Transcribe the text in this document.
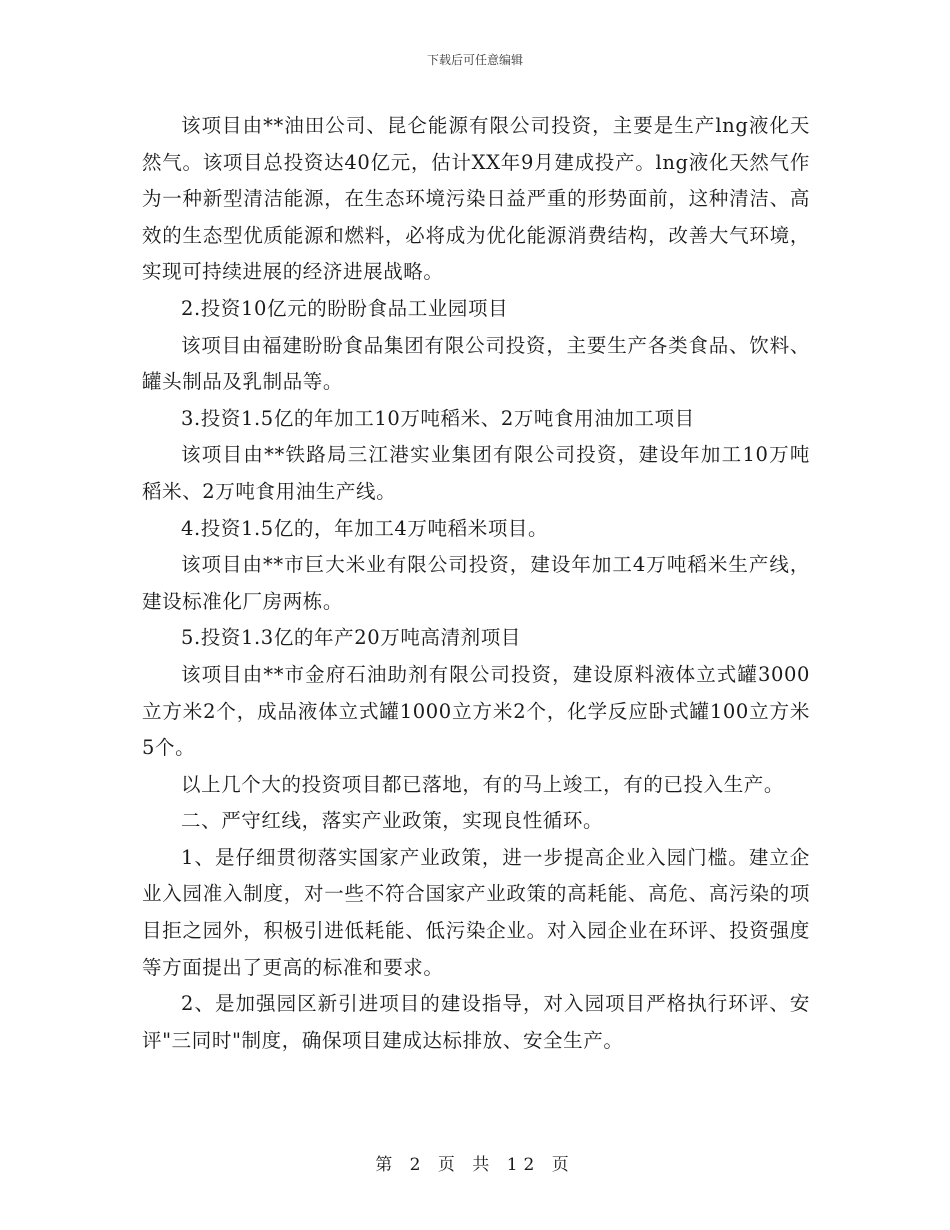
下载后可任意编辑

该项目由**油田公司、昆仑能源有限公司投资，主要是生产lng液化天然气。该项目总投资达40亿元，估计XX年9月建成投产。lng液化天然气作为一种新型清洁能源，在生态环境污染日益严重的形势面前，这种清洁、高效的生态型优质能源和燃料，必将成为优化能源消费结构，改善大气环境，实现可持续进展的经济进展战略。

2.投资10亿元的盼盼食品工业园项目

该项目由福建盼盼食品集团有限公司投资，主要生产各类食品、饮料、罐头制品及乳制品等。

3.投资1.5亿的年加工10万吨稻米、2万吨食用油加工项目

该项目由**铁路局三江港实业集团有限公司投资，建设年加工10万吨稻米、2万吨食用油生产线。

4.投资1.5亿的，年加工4万吨稻米项目。

该项目由**市巨大米业有限公司投资，建设年加工4万吨稻米生产线，建设标准化厂房两栋。

5.投资1.3亿的年产20万吨高清剂项目

该项目由**市金府石油助剂有限公司投资，建设原料液体立式罐3000立方米2个，成品液体立式罐1000立方米2个，化学反应卧式罐100立方米5个。

以上几个大的投资项目都已落地，有的马上竣工，有的已投入生产。

二、严守红线，落实产业政策，实现良性循环。

1、是仔细贯彻落实国家产业政策，进一步提高企业入园门槛。建立企业入园准入制度，对一些不符合国家产业政策的高耗能、高危、高污染的项目拒之园外，积极引进低耗能、低污染企业。对入园企业在环评、投资强度等方面提出了更高的标准和要求。

2、是加强园区新引进项目的建设指导，对入园项目严格执行环评、安评"三同时"制度，确保项目建成达标排放、安全生产。

第 2 页 共 12 页
